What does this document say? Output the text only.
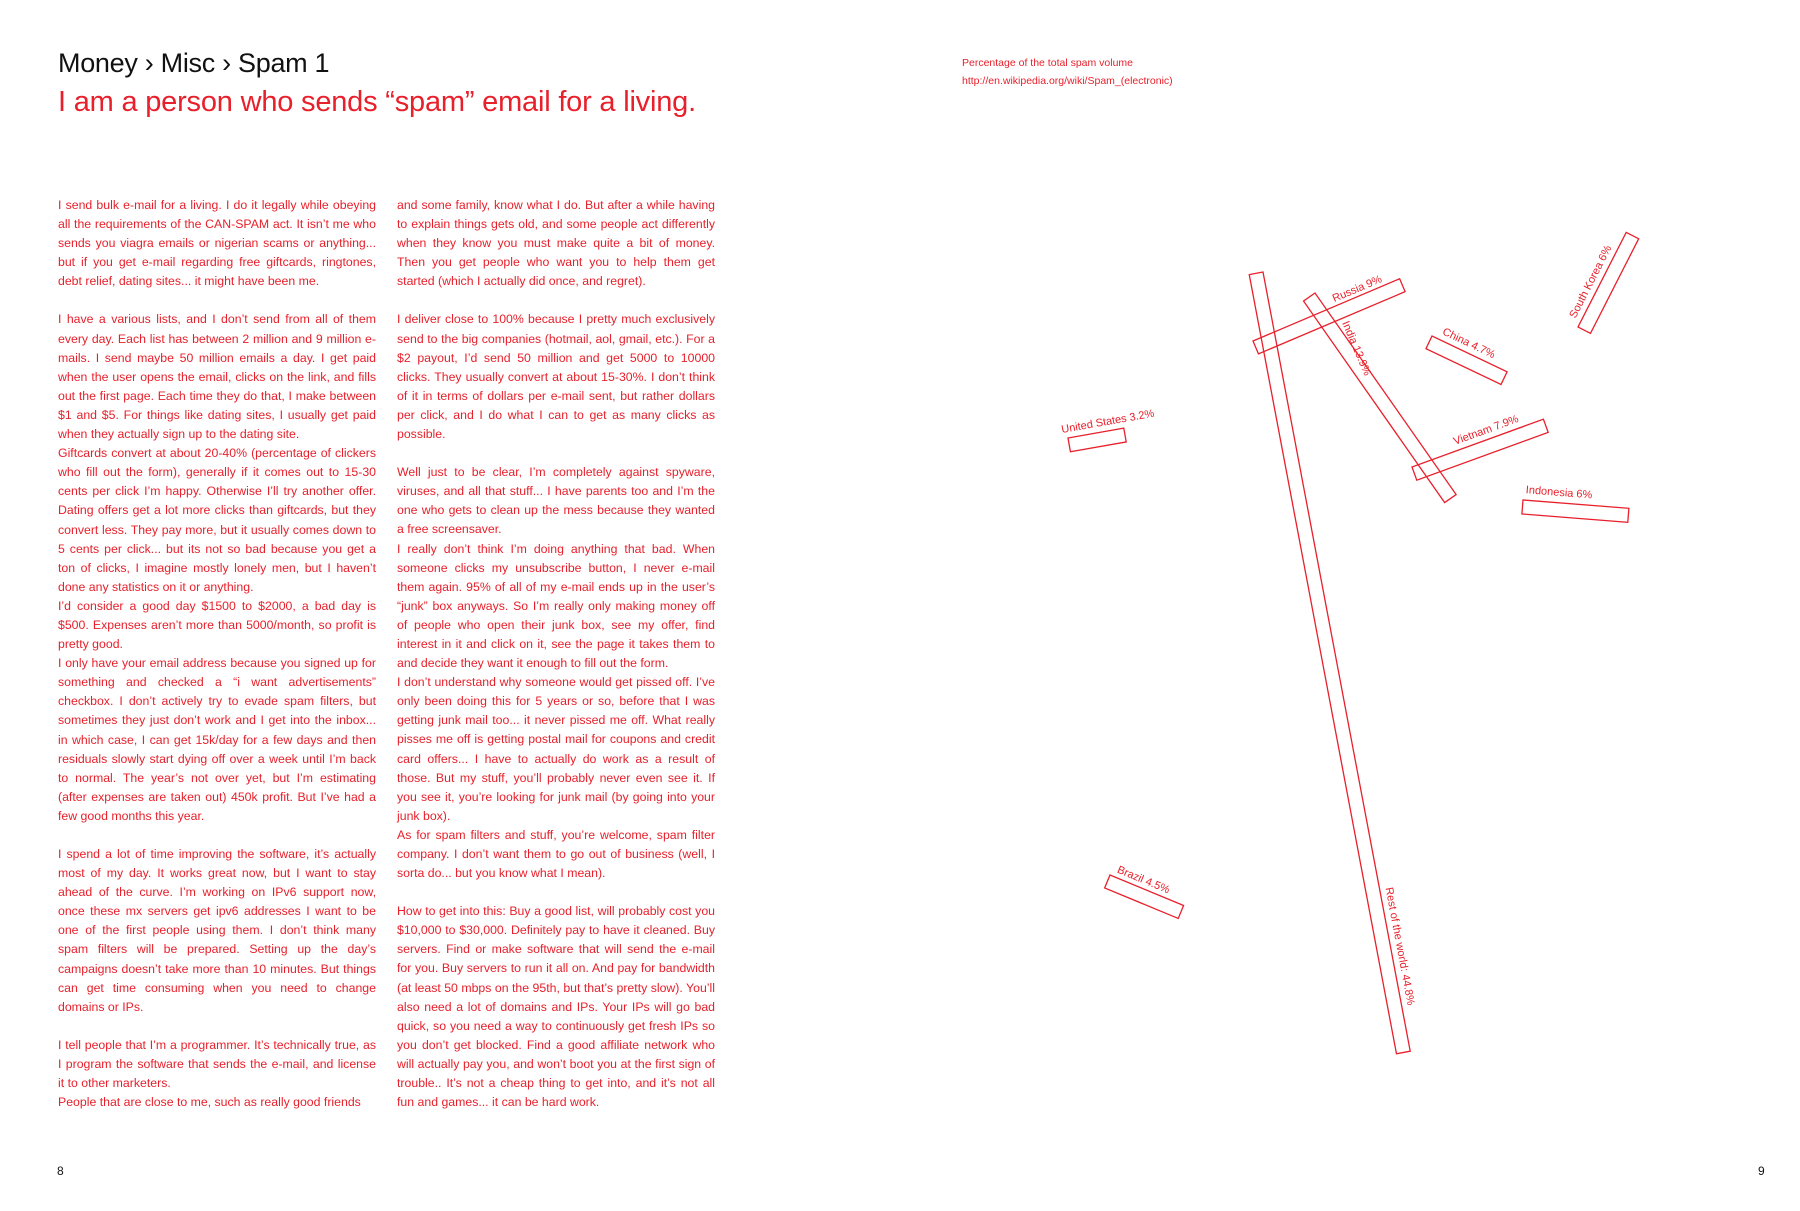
Money › Misc › Spam 1
I am a person who sends “spam” email for a living.

I send bulk e-mail for a living. I do it legally while obeying all the requirements of the CAN-SPAM act. It isn’t me who sends you viagra emails or nigerian scams or anything... but if you get e-mail regarding free giftcards, ringtones, debt relief, dating sites... it might have been me.

I have a various lists, and I don’t send from all of them every day. Each list has between 2 million and 9 million e-mails. I send maybe 50 million emails a day. I get paid when the user opens the email, clicks on the link, and fills out the first page. Each time they do that, I make between $1 and $5. For things like dating sites, I usually get paid when they actually sign up to the dating site.

Giftcards convert at about 20-40% (percentage of clickers who fill out the form), generally if it comes out to 15-30 cents per click I’m happy. Otherwise I’ll try another offer. Dating offers get a lot more clicks than giftcards, but they convert less. They pay more, but it usually comes down to 5 cents per click... but its not so bad because you get a ton of clicks, I imagine mostly lonely men, but I haven’t done any statistics on it or anything.

I’d consider a good day $1500 to $2000, a bad day is $500. Expenses aren’t more than 5000/month, so profit is pretty good.

I only have your email address because you signed up for something and checked a “i want advertisements” checkbox. I don’t actively try to evade spam filters, but sometimes they just don’t work and I get into the inbox... in which case, I can get 15k/day for a few days and then residuals slowly start dying off over a week until I’m back to normal. The year’s not over yet, but I’m estimating (after expenses are taken out) 450k profit. But I’ve had a few good months this year.

I spend a lot of time improving the software, it’s actually most of my day. It works great now, but I want to stay ahead of the curve. I’m working on IPv6 support now, once these mx servers get ipv6 addresses I want to be one of the first people using them. I don’t think many spam filters will be prepared. Setting up the day’s campaigns doesn’t take more than 10 minutes. But things can get time consuming when you need to change domains or IPs.

I tell people that I’m a programmer. It’s technically true, as I program the software that sends the e-mail, and license it to other marketers.

People that are close to me, such as really good friends

and some family, know what I do. But after a while having to explain things gets old, and some people act differently when they know you must make quite a bit of money. Then you get people who want you to help them get started (which I actually did once, and regret).

I deliver close to 100% because I pretty much exclusively send to the big companies (hotmail, aol, gmail, etc.). For a $2 payout, I’d send 50 million and get 5000 to 10000 clicks. They usually convert at about 15-30%. I don’t think of it in terms of dollars per e-mail sent, but rather dollars per click, and I do what I can to get as many clicks as possible.

Well just to be clear, I’m completely against spyware, viruses, and all that stuff... I have parents too and I’m the one who gets to clean up the mess because they wanted a free screensaver.

I really don’t think I’m doing anything that bad. When someone clicks my unsubscribe button, I never e-mail them again. 95% of all of my e-mail ends up in the user’s “junk” box anyways. So I’m really only making money off of people who open their junk box, see my offer, find interest in it and click on it, see the page it takes them to and decide they want it enough to fill out the form.

I don’t understand why someone would get pissed off. I’ve only been doing this for 5 years or so, before that I was getting junk mail too... it never pissed me off. What really pisses me off is getting postal mail for coupons and credit card offers... I have to actually do work as a result of those. But my stuff, you’ll probably never even see it. If you see it, you’re looking for junk mail (by going into your junk box).

As for spam filters and stuff, you’re welcome, spam filter company. I don’t want them to go out of business (well, I sorta do... but you know what I mean).

How to get into this: Buy a good list, will probably cost you $10,000 to $30,000. Definitely pay to have it cleaned. Buy servers. Find or make software that will send the e-mail for you. Buy servers to run it all on. And pay for bandwidth (at least 50 mbps on the 95th, but that’s pretty slow). You’ll also need a lot of domains and IPs. Your IPs will go bad quick, so you need a way to continuously get fresh IPs so you don’t get blocked. Find a good affiliate network who will actually pay you, and won’t boot you at the first sign of trouble.. It’s not a cheap thing to get into, and it’s not all fun and games... it can be hard work.

Percentage of the total spam volume
http://en.wikipedia.org/wiki/Spam_(electronic)
Russia 9%
India 13.9%	China 4.7%
South Korea 6%
United States 3.2%	Vietnam 7.9%
Indonesia 6%
Brazil 4.5%
Rest of the world: 44.8%
8	9
